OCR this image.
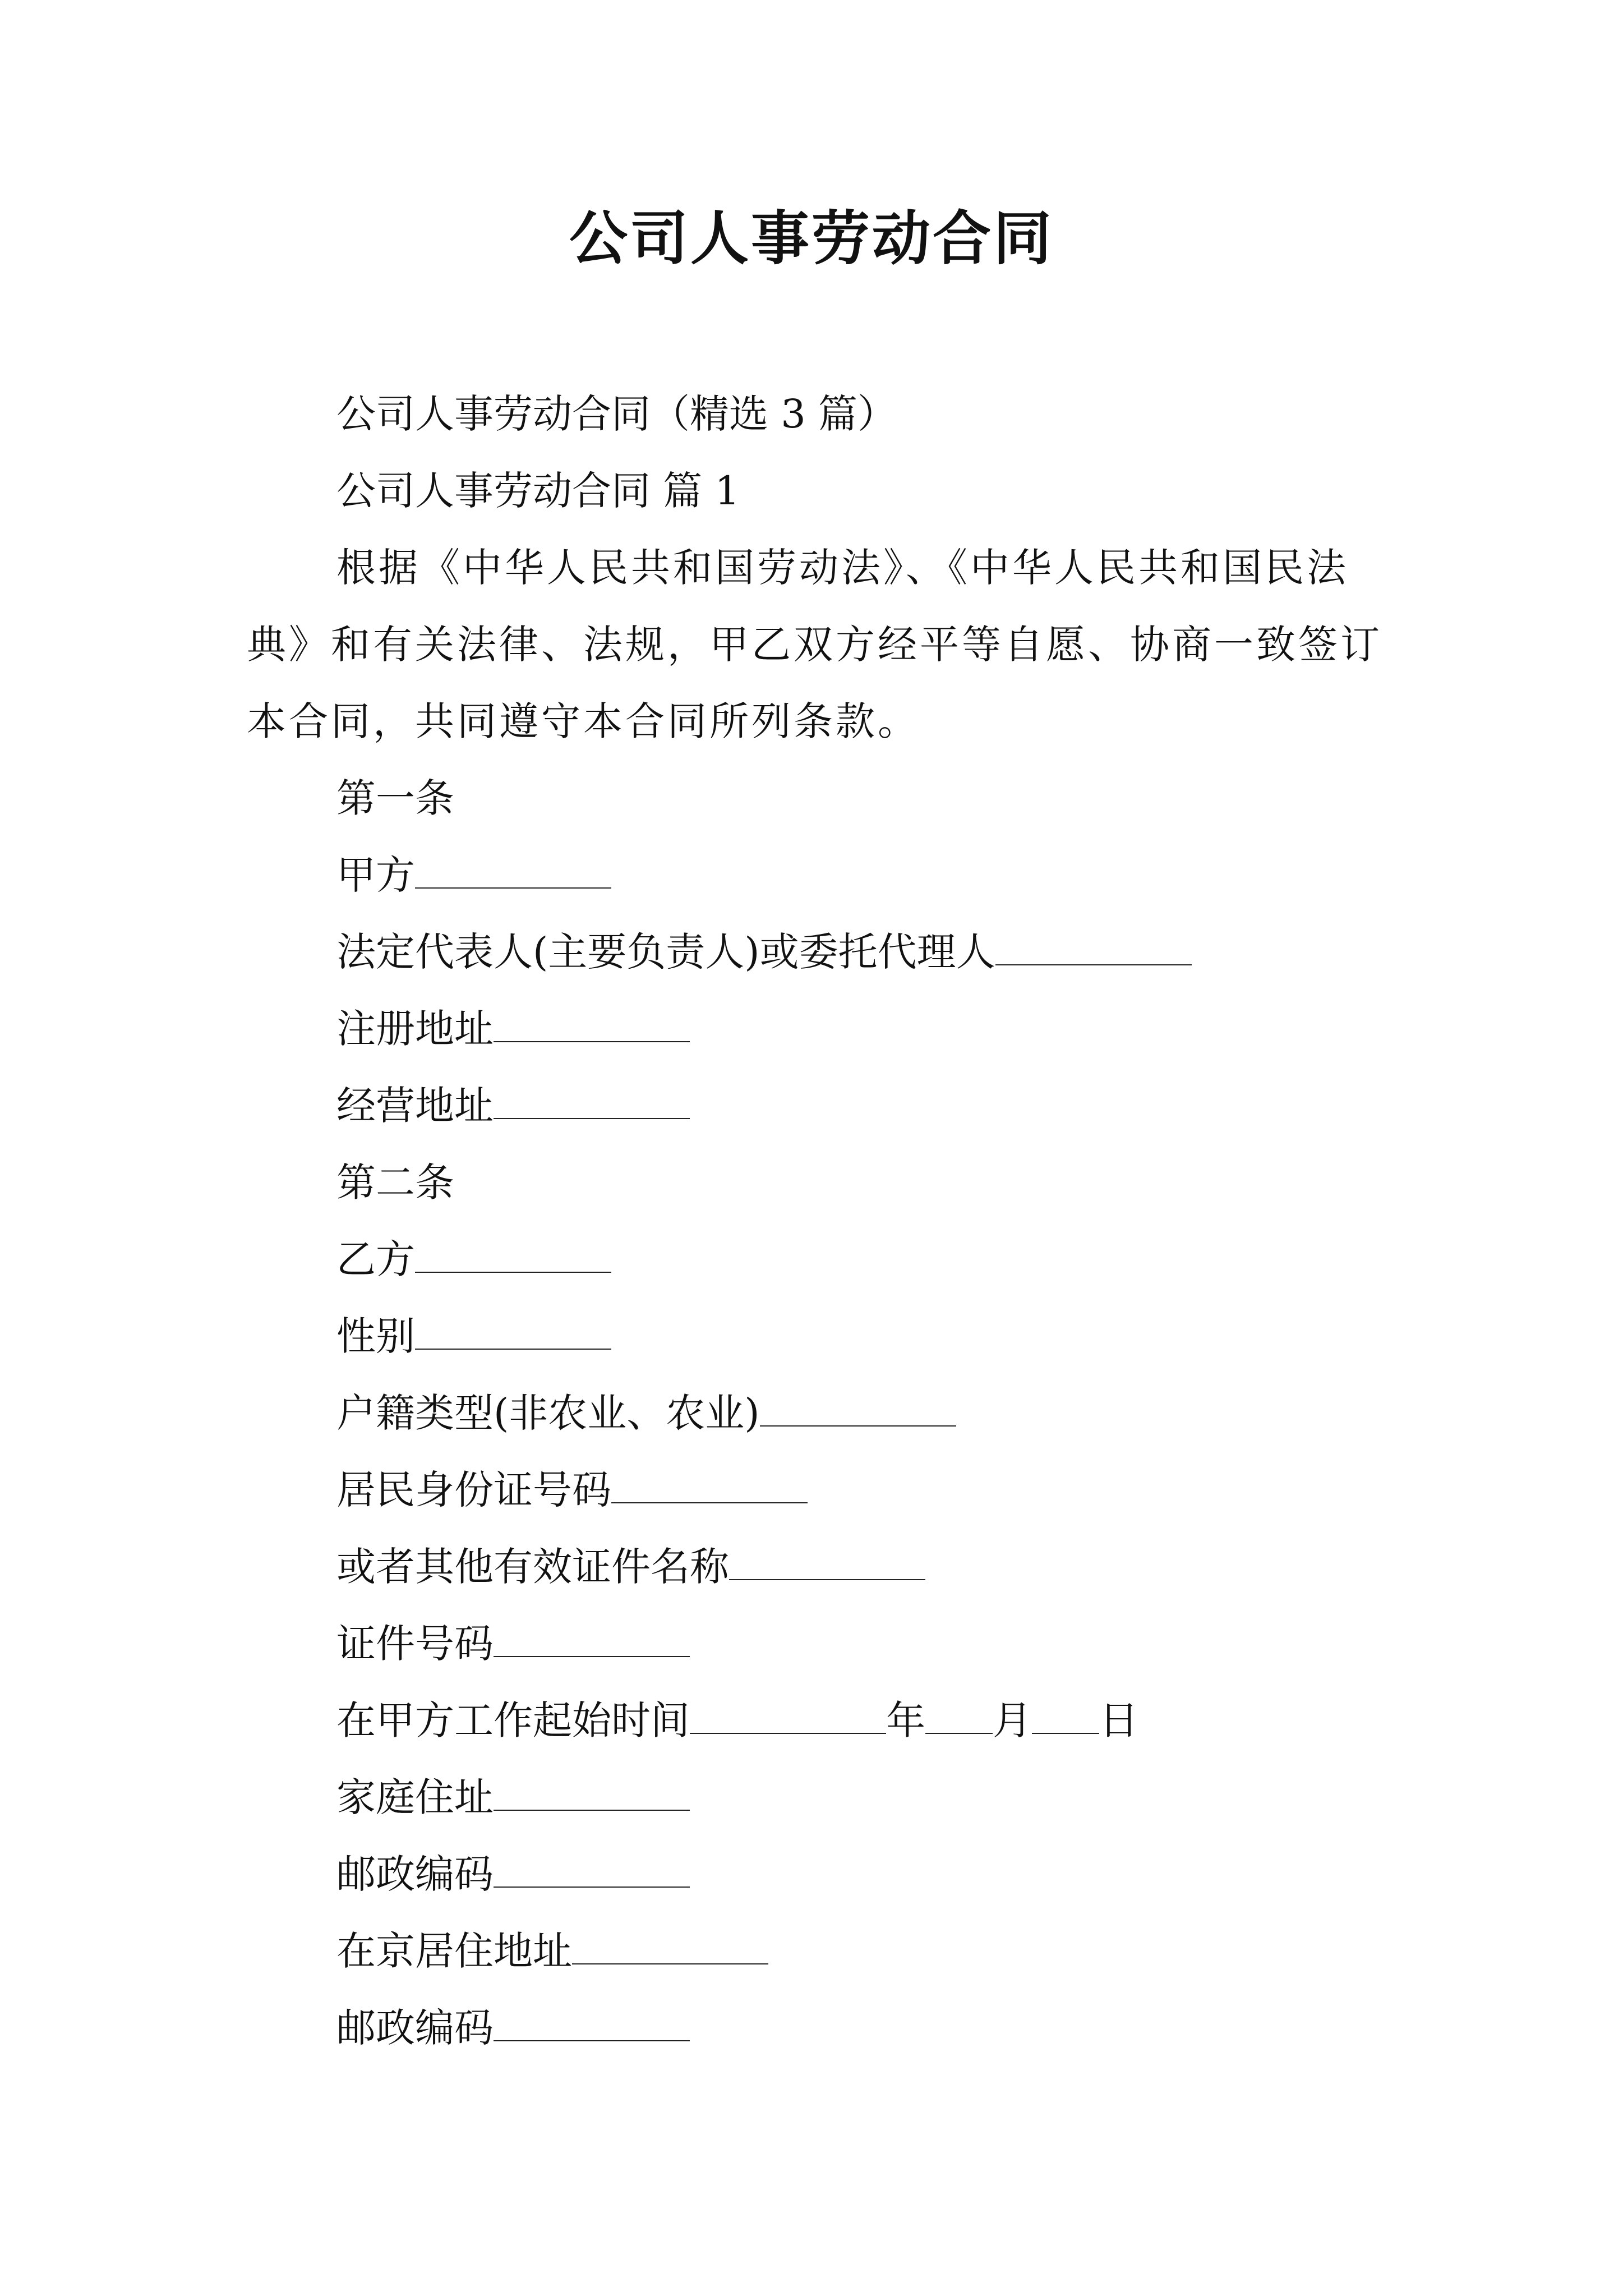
公司人事劳动合同
公司人事劳动合同（精选 3 篇）
公司人事劳动合同 篇 1
根据《中华人民共和国劳动法》、《中华人民共和国民法典》和有关法律、法规，甲乙双方经平等自愿、协商一致签订本合同，共同遵守本合同所列条款。
第一条
甲方
法定代表人(主要负责人)或委托代理人
注册地址
经营地址
第二条
乙方
性别
户籍类型(非农业、农业)
居民身份证号码
或者其他有效证件名称
证件号码
在甲方工作起始时间	年 月 日
家庭住址
邮政编码
在京居住地址
邮政编码
